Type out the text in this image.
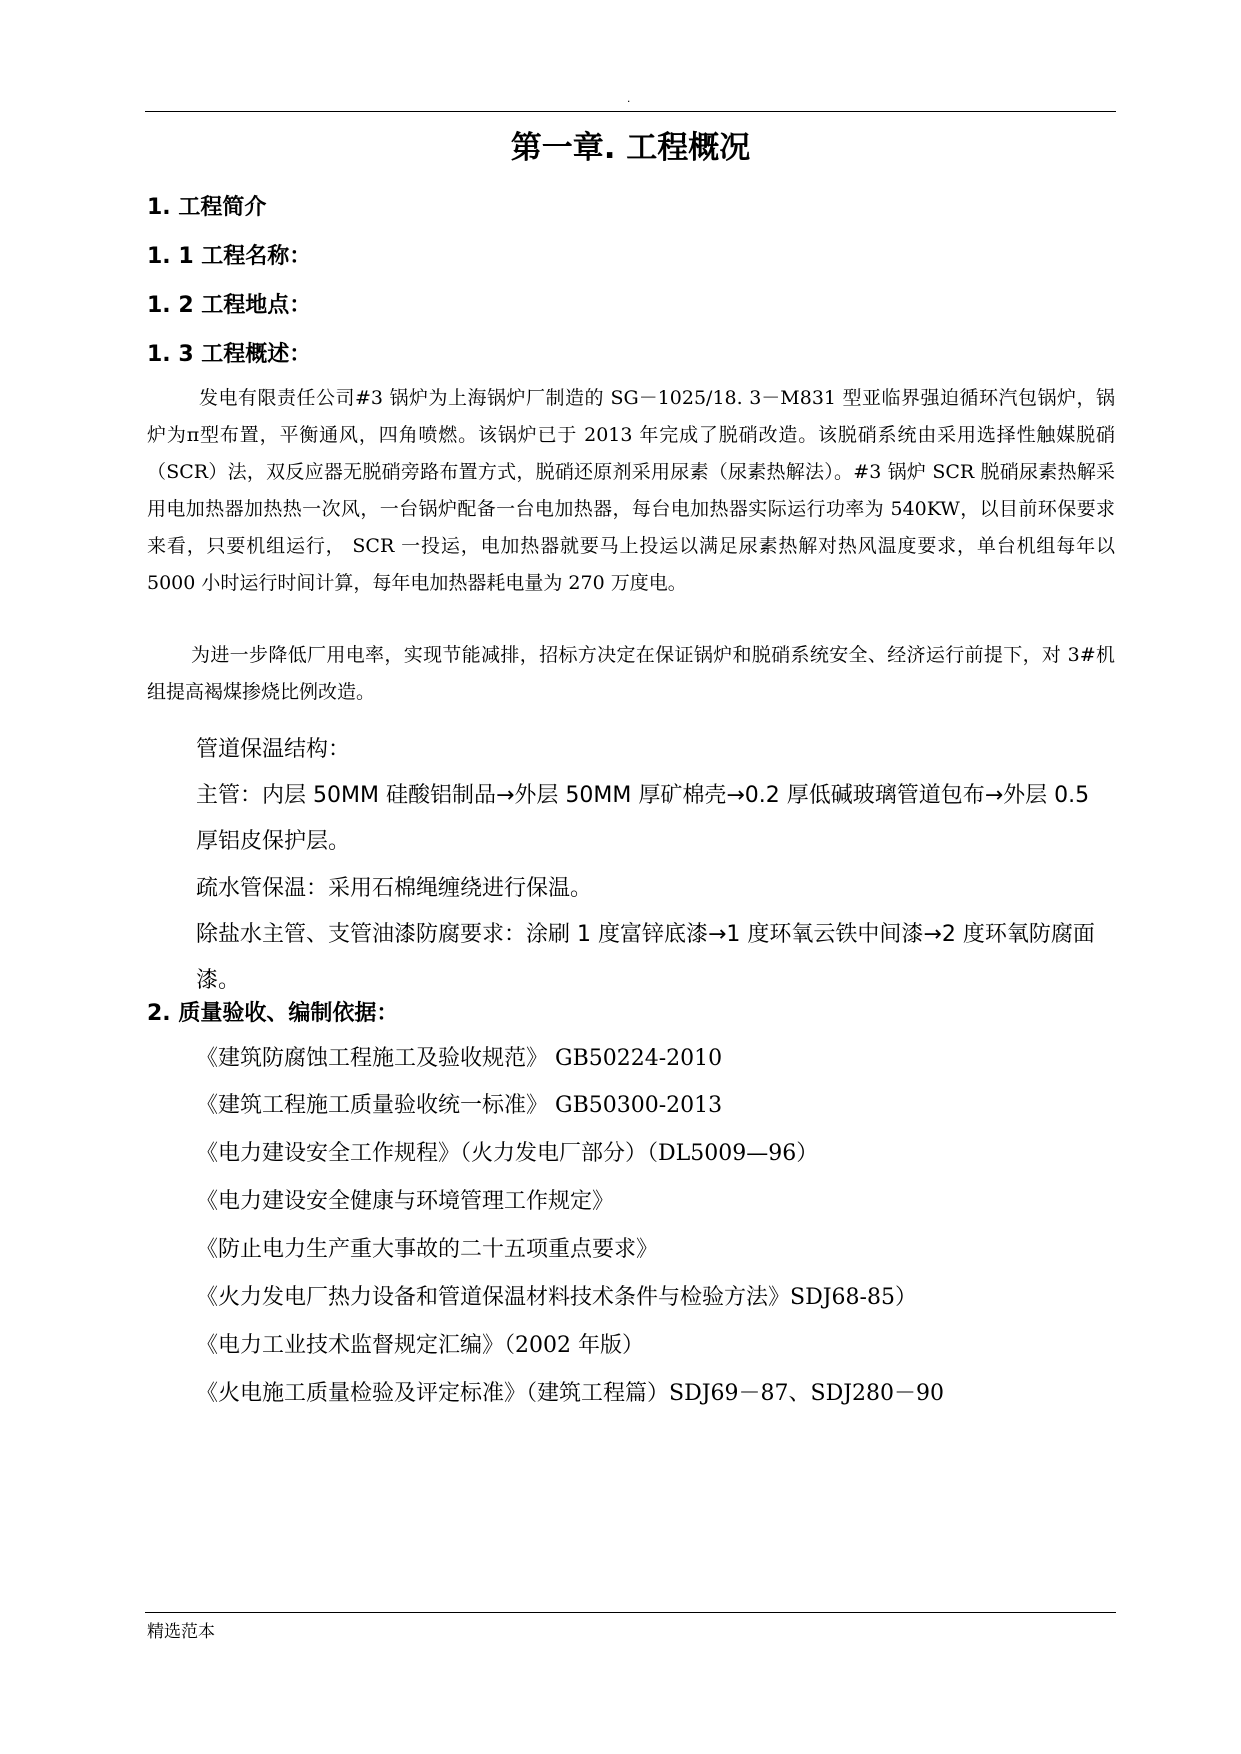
.
第一章. 工程概况
1. 工程简介
1. 1 工程名称：
1. 2 工程地点：
1. 3 工程概述：

发电有限责任公司#3 锅炉为上海锅炉厂制造的 SG－1025/18. 3－M831 型亚临界强迫循环汽包锅炉，锅炉为π型布置，平衡通风，四角喷燃。该锅炉已于 2013 年完成了脱硝改造。该脱硝系统由采用选择性触媒脱硝（SCR）法，双反应器无脱硝旁路布置方式，脱硝还原剂采用尿素（尿素热解法）。#3 锅炉 SCR 脱硝尿素热解采用电加热器加热热一次风，一台锅炉配备一台电加热器，每台电加热器实际运行功率为 540KW，以目前环保要求来看，只要机组运行， SCR 一投运，电加热器就要马上投运以满足尿素热解对热风温度要求，单台机组每年以 5000 小时运行时间计算，每年电加热器耗电量为 270 万度电。

为进一步降低厂用电率，实现节能减排，招标方决定在保证锅炉和脱硝系统安全、经济运行前提下，对 3#机组提高褐煤掺烧比例改造。

管道保温结构：

主管：内层 50MM 硅酸铝制品→外层 50MM 厚矿棉壳→0.2 厚低碱玻璃管道包布→外层 0.5 厚铝皮保护层。

疏水管保温：采用石棉绳缠绕进行保温。

除盐水主管、支管油漆防腐要求：涂刷 1 度富锌底漆→1 度环氧云铁中间漆→2 度环氧防腐面漆。

2. 质量验收、编制依据：
《建筑防腐蚀工程施工及验收规范》 GB50224-2010
《建筑工程施工质量验收统一标准》 GB50300-2013
《电力建设安全工作规程》（火力发电厂部分）（DL5009—96）
《电力建设安全健康与环境管理工作规定》
《防止电力生产重大事故的二十五项重点要求》
《火力发电厂热力设备和管道保温材料技术条件与检验方法》SDJ68-85）
《电力工业技术监督规定汇编》（2002 年版）
《火电施工质量检验及评定标准》（建筑工程篇）SDJ69－87、SDJ280－90
精选范本
